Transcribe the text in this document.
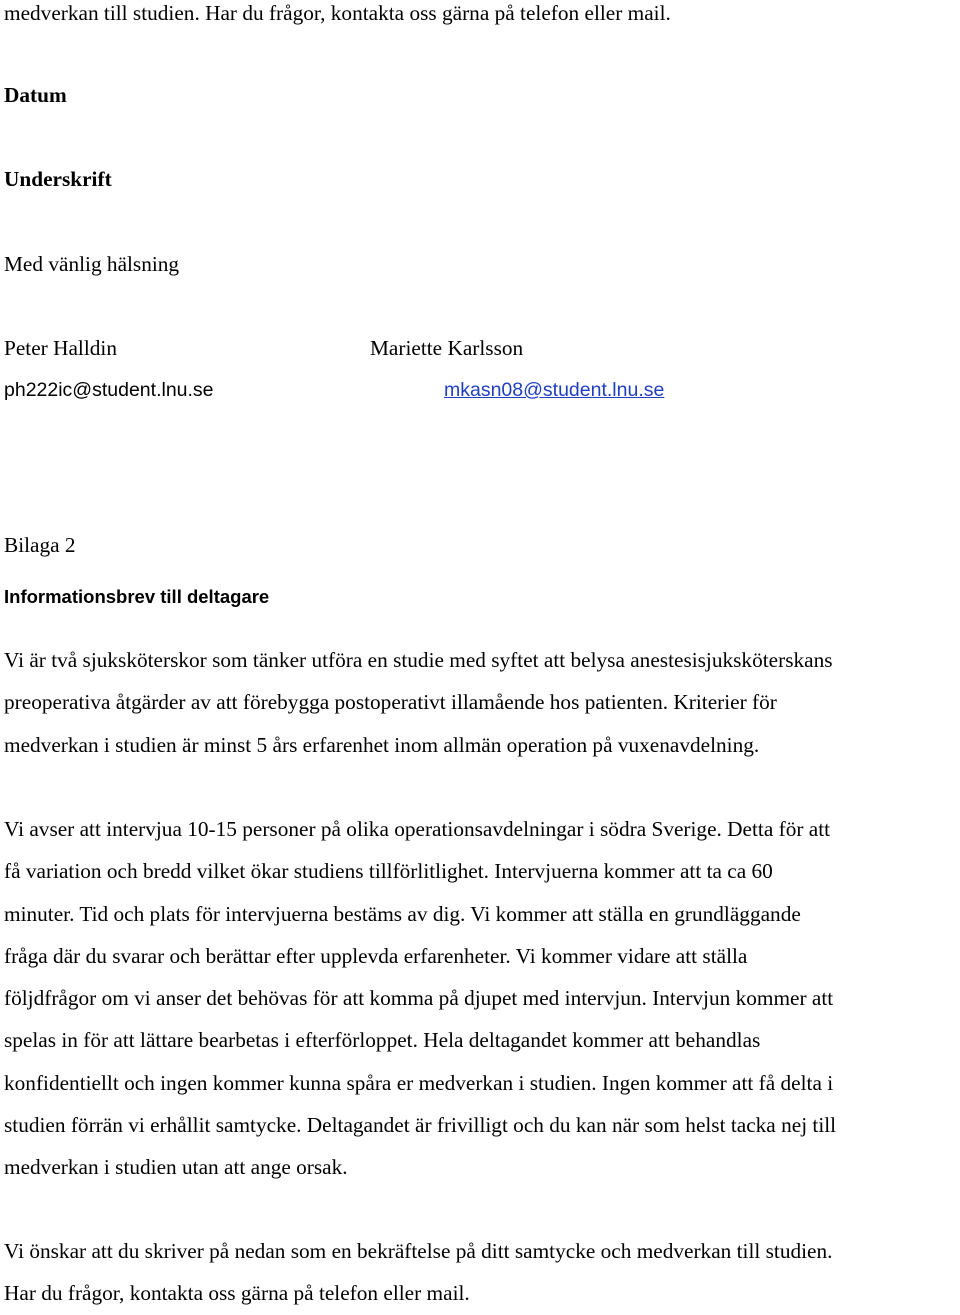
medverkan till studien. Har du frågor, kontakta oss gärna på telefon eller mail.
Datum
Underskrift
Med vänlig hälsning
Peter Halldin	Mariette Karlsson
ph222ic@student.lnu.se	mkasn08@student.lnu.se
Bilaga 2
Informationsbrev till deltagare
Vi är två sjuksköterskor som tänker utföra en studie med syftet att belysa anestesisjuksköterskans
preoperativa åtgärder av att förebygga postoperativt illamående hos patienten. Kriterier för
medverkan i studien är minst 5 års erfarenhet inom allmän operation på vuxenavdelning.
Vi avser att intervjua 10-15 personer på olika operationsavdelningar i södra Sverige. Detta för att
få variation och bredd vilket ökar studiens tillförlitlighet. Intervjuerna kommer att ta ca 60
minuter. Tid och plats för intervjuerna bestäms av dig. Vi kommer att ställa en grundläggande
fråga där du svarar och berättar efter upplevda erfarenheter. Vi kommer vidare att ställa
följdfrågor om vi anser det behövas för att komma på djupet med intervjun. Intervjun kommer att
spelas in för att lättare bearbetas i efterförloppet. Hela deltagandet kommer att behandlas
konfidentiellt och ingen kommer kunna spåra er medverkan i studien. Ingen kommer att få delta i
studien förrän vi erhållit samtycke. Deltagandet är frivilligt och du kan när som helst tacka nej till
medverkan i studien utan att ange orsak.
Vi önskar att du skriver på nedan som en bekräftelse på ditt samtycke och medverkan till studien.
Har du frågor, kontakta oss gärna på telefon eller mail.
